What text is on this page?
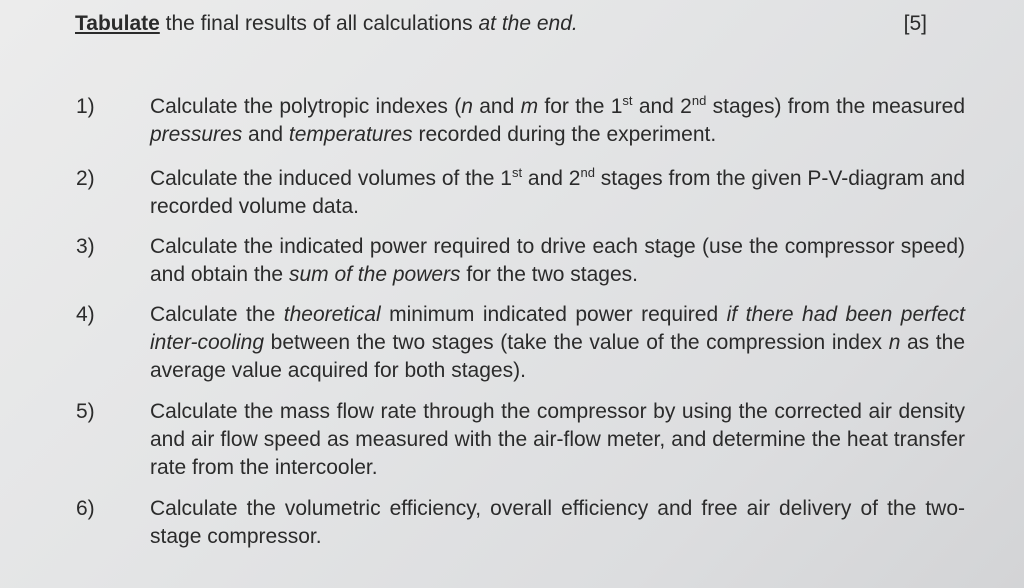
Tabulate the final results of all calculations at the end.	[5]
1)	Calculate the polytropic indexes (n and m for the 1st and 2nd stages) from the measured pressures and temperatures recorded during the experiment.
2)	Calculate the induced volumes of the 1st and 2nd stages from the given P-V-diagram and recorded volume data.
3)	Calculate the indicated power required to drive each stage (use the compressor speed) and obtain the sum of the powers for the two stages.
4)	Calculate the theoretical minimum indicated power required if there had been perfect inter-cooling between the two stages (take the value of the compression index n as the average value acquired for both stages).
5)	Calculate the mass flow rate through the compressor by using the corrected air density and air flow speed as measured with the air-flow meter, and determine the heat transfer rate from the intercooler.
6)	Calculate the volumetric efficiency, overall efficiency and free air delivery of the two-stage compressor.
